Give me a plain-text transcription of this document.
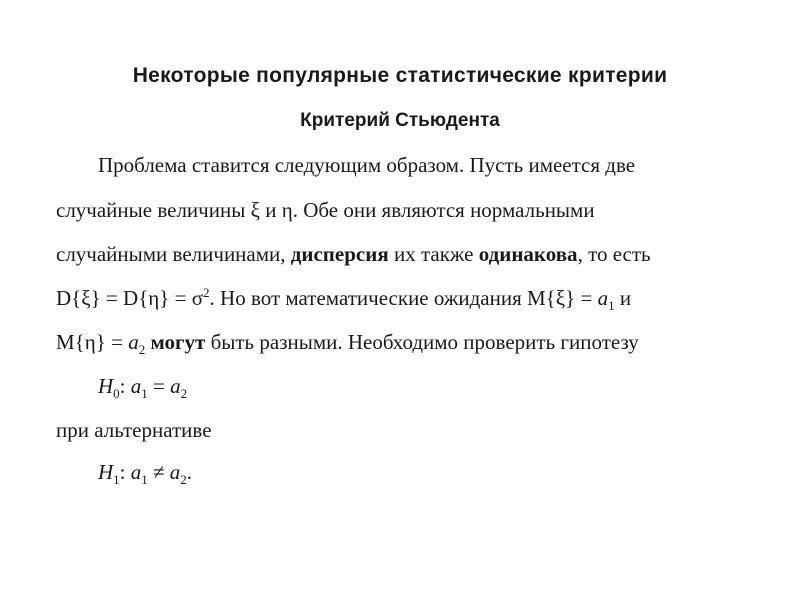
Некоторые популярные статистические критерии
Критерий Стьюдента
Проблема ставится следующим образом. Пусть имеется две
случайные величины ξ и η. Обе они являются нормальными
случайными величинами, дисперсия их также одинакова, то есть
$D\{\xi\} = D\{\eta\} = \sigma^2$. Но вот математические ожидания $M\{\xi\} = a_1$ и
$M\{\eta\} = a_2$ могут быть разными. Необходимо проверить гипотезу
$H_0$: $a_1 = a_2$
при альтернативе
$H_1$: $a_1 \ne a_2$.
